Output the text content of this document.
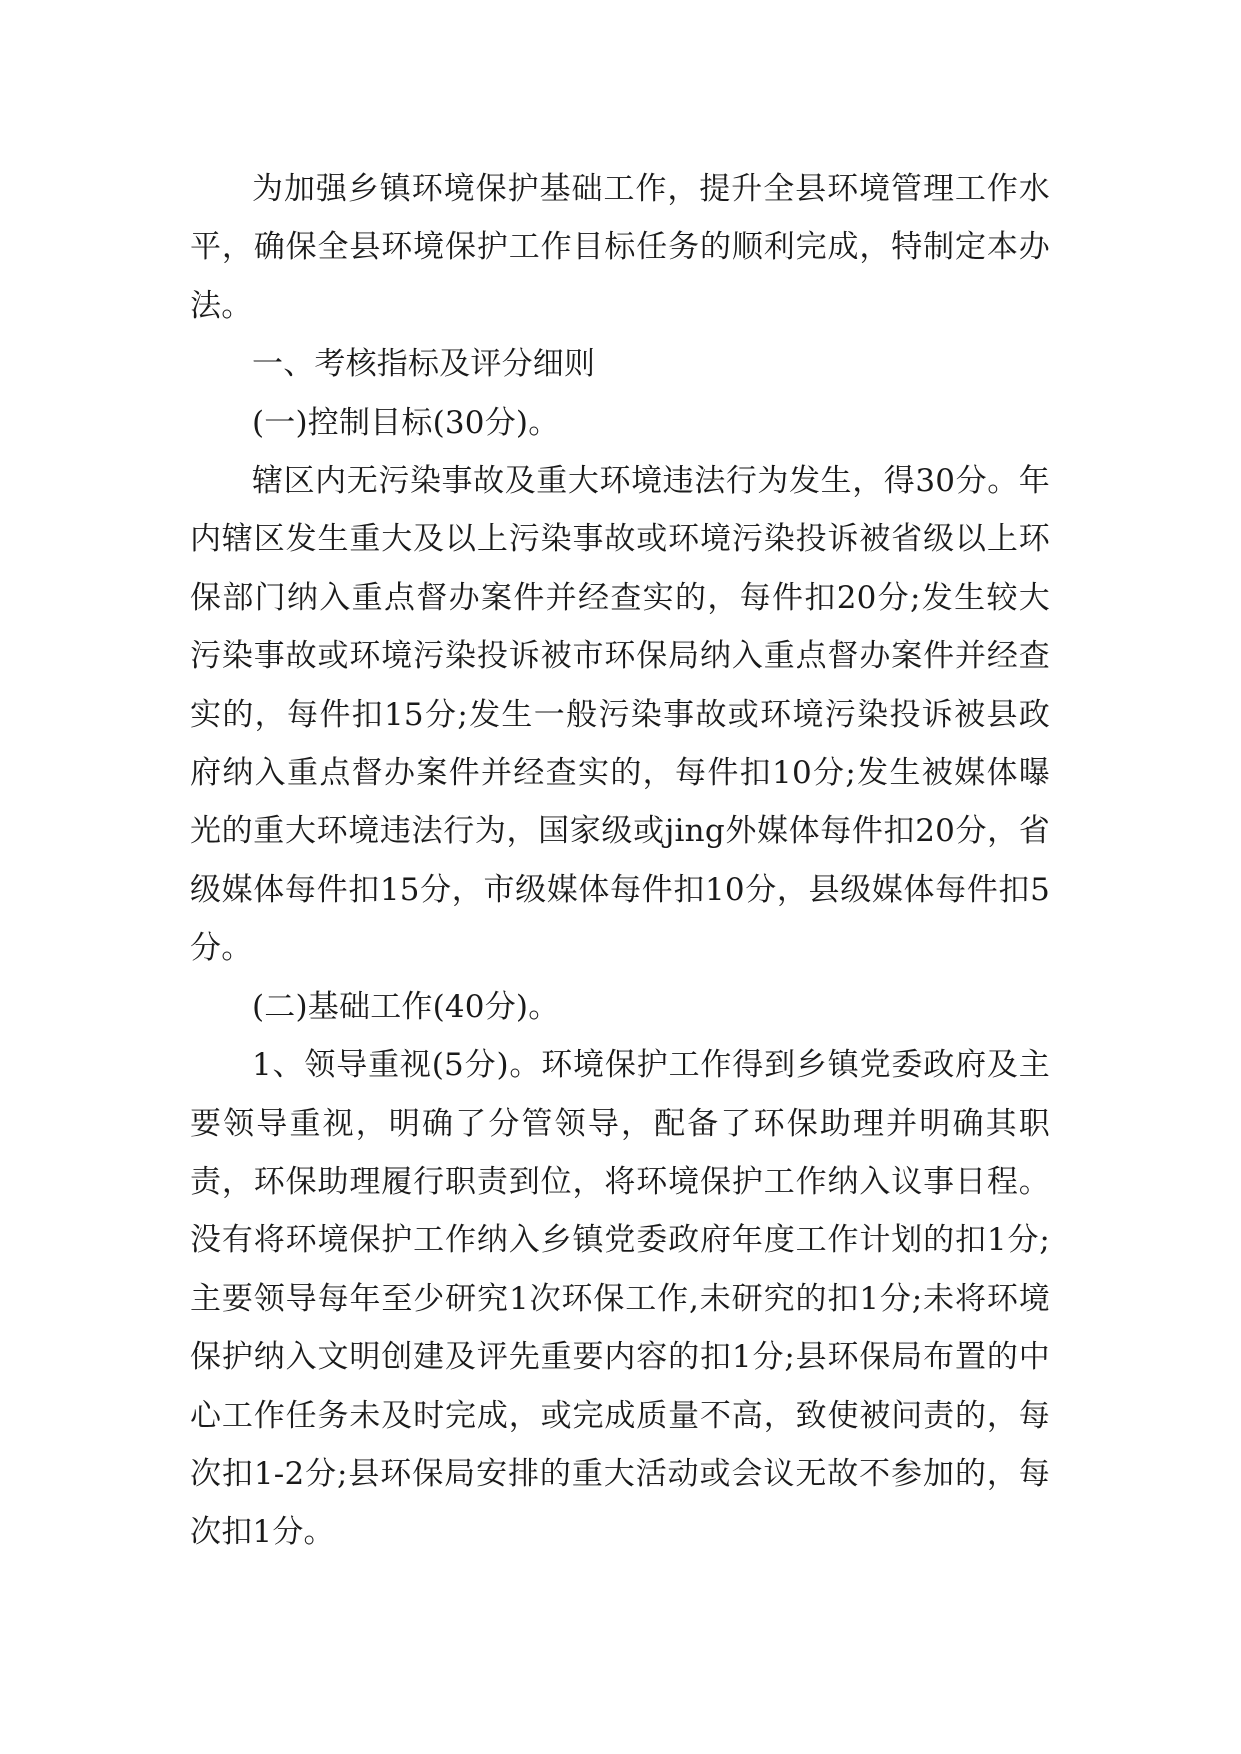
为加强乡镇环境保护基础工作，提升全县环境管理工作水平，确保全县环境保护工作目标任务的顺利完成，特制定本办法。

一、考核指标及评分细则

(一)控制目标(30分)。

辖区内无污染事故及重大环境违法行为发生，得30分。年内辖区发生重大及以上污染事故或环境污染投诉被省级以上环保部门纳入重点督办案件并经查实的，每件扣20分;发生较大污染事故或环境污染投诉被市环保局纳入重点督办案件并经查实的，每件扣15分;发生一般污染事故或环境污染投诉被县政府纳入重点督办案件并经查实的，每件扣10分;发生被媒体曝光的重大环境违法行为，国家级或jing外媒体每件扣20分，省级媒体每件扣15分，市级媒体每件扣10分，县级媒体每件扣5分。

(二)基础工作(40分)。

1、领导重视(5分)。环境保护工作得到乡镇党委政府及主要领导重视，明确了分管领导，配备了环保助理并明确其职责，环保助理履行职责到位，将环境保护工作纳入议事日程。没有将环境保护工作纳入乡镇党委政府年度工作计划的扣1分;主要领导每年至少研究1次环保工作,未研究的扣1分;未将环境保护纳入文明创建及评先重要内容的扣1分;县环保局布置的中心工作任务未及时完成，或完成质量不高，致使被问责的，每次扣1-2分;县环保局安排的重大活动或会议无故不参加的，每次扣1分。
